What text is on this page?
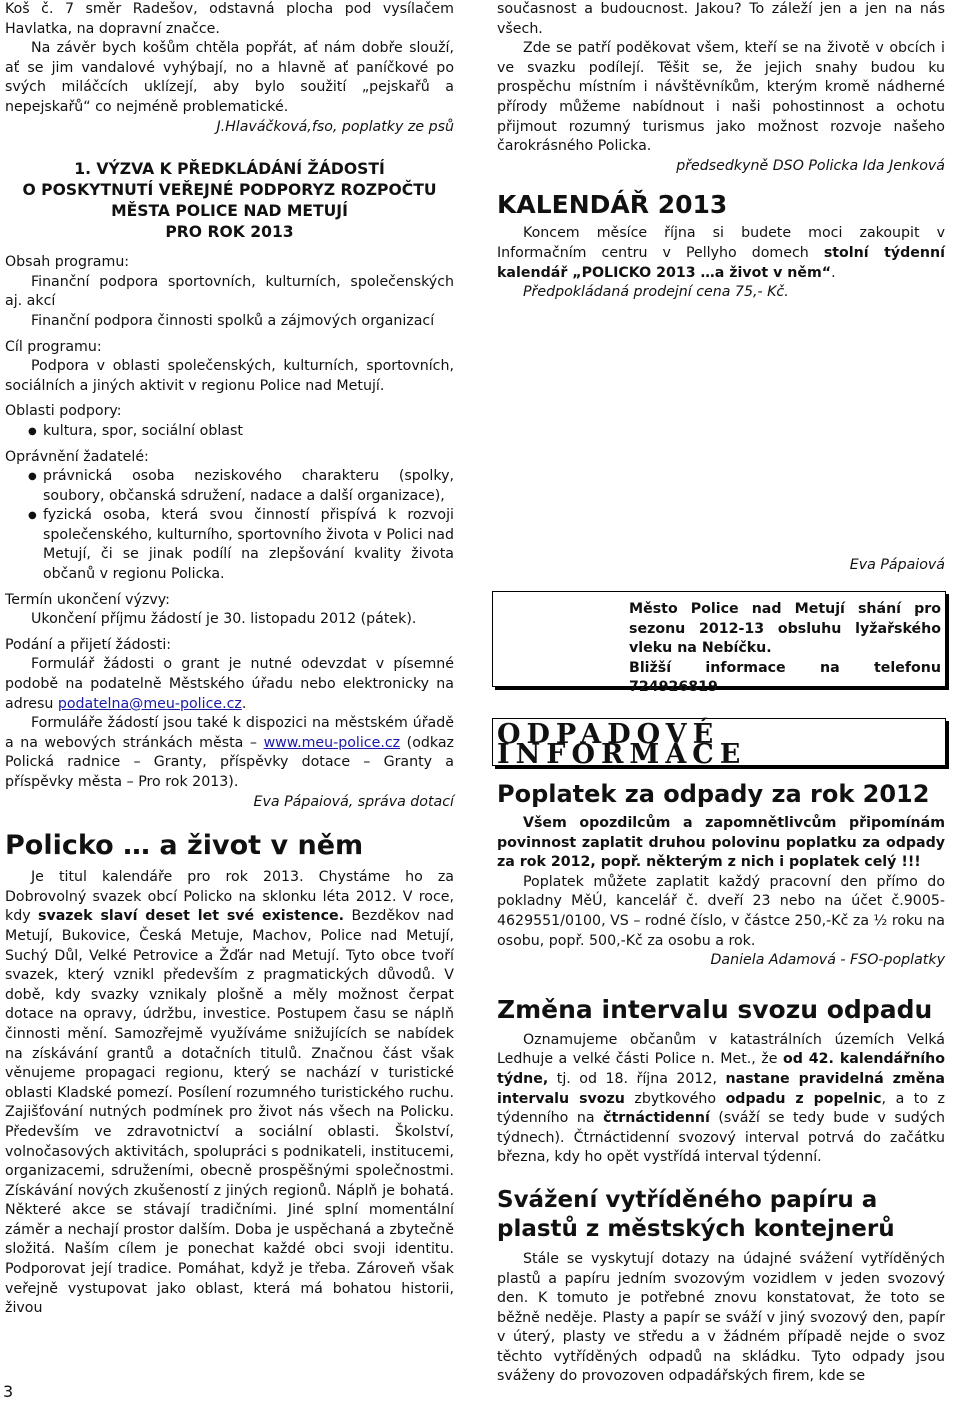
Koš č. 7 směr Radešov, odstavná plocha pod vysílačem Havlatka, na dopravní značce.

Na závěr bych košům chtěla popřát, ať nám dobře slouží, ať se jim vandalové vyhýbají, no a hlavně ať paníčkové po svých miláčcích uklízejí, aby bylo soužití „pejskařů a nepejskařů“ co nejméně problematické.

J.Hlaváčková,fso, poplatky ze psů

1. VÝZVA K PŘEDKLÁDÁNÍ ŽÁDOSTÍ
O POSKYTNUTÍ VEŘEJNÉ PODPORYZ ROZPOČTU
MĚSTA POLICE NAD METUJÍ
PRO ROK 2013

Obsah programu:

Finanční podpora sportovních, kulturních, společenských aj. akcí

Finanční podpora činnosti spolků a zájmových organizací

Cíl programu:

Podpora v oblasti společenských, kulturních, sportovních, sociálních a jiných aktivit v regionu Police nad Metují.

Oblasti podpory:

● kultura, spor, sociální oblast

Oprávnění žadatelé:

● právnická osoba neziskového charakteru (spolky, soubory, občanská sdružení, nadace a další organizace),
● fyzická osoba, která svou činností přispívá k rozvoji společenského, kulturního, sportovního života v Polici nad Metují, či se jinak podílí na zlepšování kvality života občanů v regionu Policka.

Termín ukončení výzvy:

Ukončení příjmu žádostí je 30. listopadu 2012 (pátek).

Podání a přijetí žádosti:

Formulář žádosti o grant je nutné odevzdat v písemné podobě na podatelně Městského úřadu nebo elektronicky na adresu podatelna@meu-police.cz.

Formuláře žádostí jsou také k dispozici na městském úřadě a na webových stránkách města – www.meu-police.cz (odkaz Polická radnice – Granty, příspěvky dotace – Granty a příspěvky města – Pro rok 2013).

Eva Pápaiová, správa dotací

Policko … a život v něm

Je titul kalendáře pro rok 2013. Chystáme ho za Dobrovolný svazek obcí Policko na sklonku léta 2012. V roce, kdy svazek slaví deset let své existence. Bezděkov nad Metují, Bukovice, Česká Metuje, Machov, Police nad Metují, Suchý Důl, Velké Petrovice a Žďár nad Metují. Tyto obce tvoří svazek, který vznikl především z pragmatických důvodů. V době, kdy svazky vznikaly plošně a měly možnost čerpat dotace na opravy, údržbu, investice. Postupem času se náplň činnosti mění. Samozřejmě využíváme snižujících se nabídek na získávání grantů a dotačních titulů. Značnou část však věnujeme propagaci regionu, který se nachází v turistické oblasti Kladské pomezí. Posílení rozumného turistického ruchu. Zajišťování nutných podmínek pro život nás všech na Policku. Především ve zdravotnictví a sociální oblasti. Školství, volnočasových aktivitách, spolupráci s podnikateli, institucemi, organizacemi, sdruženími, obecně prospěšnými společnostmi. Získávání nových zkušeností z jiných regionů. Náplň je bohatá. Některé akce se stávají tradičními. Jiné splní momentální záměr a nechají prostor dalším. Doba je uspěchaná a zbytečně složitá. Naším cílem je ponechat každé obci svoji identitu. Podporovat její tradice. Pomáhat, když je třeba. Zároveň však veřejně vystupovat jako oblast, která má bohatou historii, živou

současnost a budoucnost. Jakou? To záleží jen a jen na nás všech.

Zde se patří poděkovat všem, kteří se na životě v obcích i ve svazku podílejí. Těšit se, že jejich snahy budou ku prospěchu místním i návštěvníkům, kterým kromě nádherné přírody můžeme nabídnout i naši pohostinnost a ochotu přijmout rozumný turismus jako možnost rozvoje našeho čarokrásného Policka.

předsedkyně DSO Policka Ida Jenková

KALENDÁŘ 2013

Koncem měsíce října si budete moci zakoupit v Informačním centru v Pellyho domech stolní týdenní kalendář „POLICKO 2013 …a život v něm“.

Předpokládaná prodejní cena 75,- Kč.

Eva Pápaiová

Město Police nad Metují shání pro sezonu 2012-13 obsluhu lyžařského vleku na Nebíčku.

Bližší informace na telefonu 724926819

ODPADOVÉ INFORMACE
Poplatek za odpady za rok 2012

Všem opozdilcům a zapomnětlivcům připomínám povinnost zaplatit druhou polovinu poplatku za odpady za rok 2012, popř. některým z nich i poplatek celý !!!

Poplatek můžete zaplatit každý pracovní den přímo do pokladny MěÚ, kancelář č. dveří 23 nebo na účet č.9005-4629551/0100, VS – rodné číslo, v částce 250,-Kč za ½ roku na osobu, popř. 500,-Kč za osobu a rok.

Daniela Adamová - FSO-poplatky

Změna intervalu svozu odpadu

Oznamujeme občanům v katastrálních územích Velká Ledhuje a velké části Police n. Met., že od 42. kalendářního týdne, tj. od 18. října 2012, nastane pravidelná změna intervalu svozu zbytkového odpadu z popelnic, a to z týdenního na čtrnáctidenní (sváží se tedy bude v sudých týdnech). Čtrnáctidenní svozový interval potrvá do začátku března, kdy ho opět vystřídá interval týdenní.

Svážení vytříděného papíru a plastů z městských kontejnerů

Stále se vyskytují dotazy na údajné svážení vytříděných plastů a papíru jedním svozovým vozidlem v jeden svozový den. K tomuto je potřebné znovu konstatovat, že toto se běžně neděje. Plasty a papír se sváží v jiný svozový den, papír v úterý, plasty ve středu a v žádném případě nejde o svoz těchto vytříděných odpadů na skládku. Tyto odpady jsou sváženy do provozoven odpadářských firem, kde se

3
